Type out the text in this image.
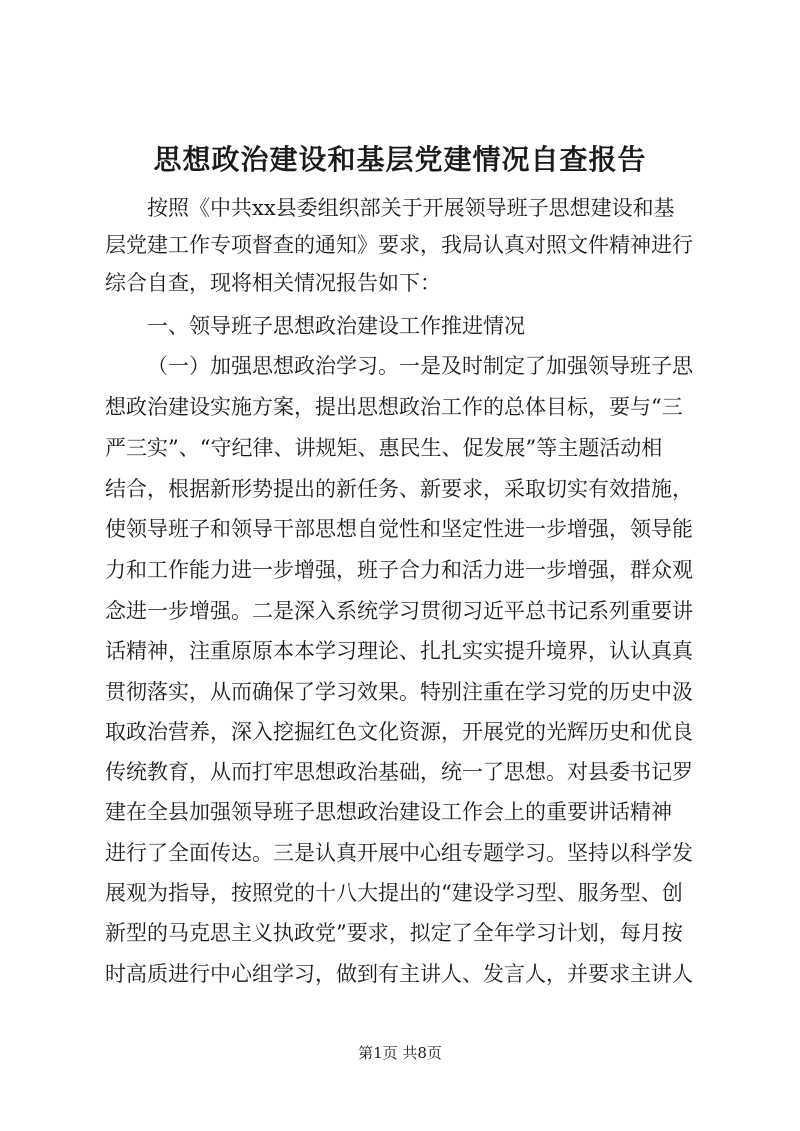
思想政治建设和基层党建情况自查报告

按照《中共xx县委组织部关于开展领导班子思想建设和基

层党建工作专项督查的通知》要求，我局认真对照文件精神进行

综合自查，现将相关情况报告如下：

一、领导班子思想政治建设工作推进情况

（一）加强思想政治学习。一是及时制定了加强领导班子思

想政治建设实施方案，提出思想政治工作的总体目标，要与“三

严三实”、“守纪律、讲规矩、惠民生、促发展”等主题活动相

结合，根据新形势提出的新任务、新要求，采取切实有效措施，

使领导班子和领导干部思想自觉性和坚定性进一步增强，领导能

力和工作能力进一步增强，班子合力和活力进一步增强，群众观

念进一步增强。二是深入系统学习贯彻习近平总书记系列重要讲

话精神，注重原原本本学习理论、扎扎实实提升境界，认认真真

贯彻落实，从而确保了学习效果。特别注重在学习党的历史中汲

取政治营养，深入挖掘红色文化资源，开展党的光辉历史和优良

传统教育，从而打牢思想政治基础，统一了思想。对县委书记罗

建在全县加强领导班子思想政治建设工作会上的重要讲话精神

进行了全面传达。三是认真开展中心组专题学习。坚持以科学发

展观为指导，按照党的十八大提出的“建设学习型、服务型、创

新型的马克思主义执政党”要求，拟定了全年学习计划，每月按

时高质进行中心组学习，做到有主讲人、发言人，并要求主讲人

第1页 共8页
